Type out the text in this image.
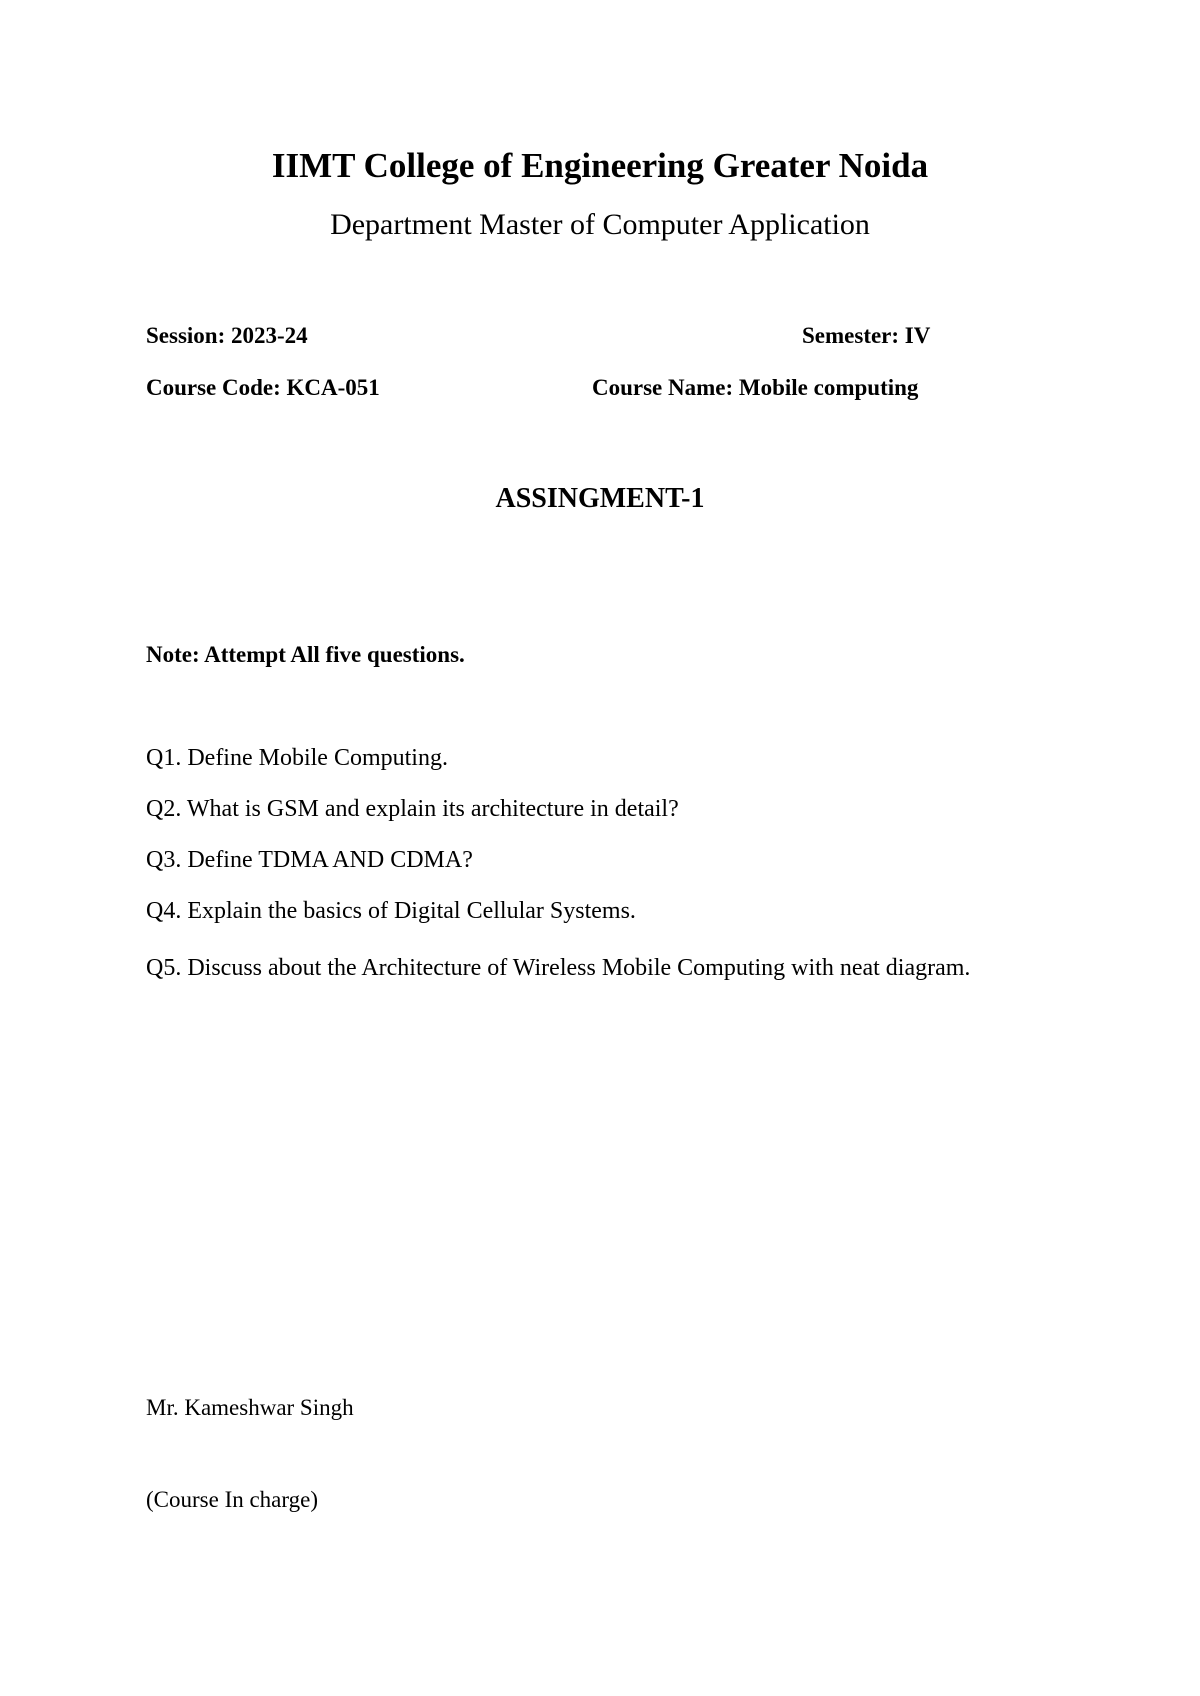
IIMT College of Engineering Greater Noida
Department Master of Computer Application
Session: 2023-24	Semester: IV
Course Code: KCA-051	Course Name: Mobile computing
ASSINGMENT-1
Note: Attempt All five questions.
Q1. Define Mobile Computing.
Q2. What is GSM and explain its architecture in detail?
Q3. Define TDMA AND CDMA?
Q4. Explain the basics of Digital Cellular Systems.
Q5. Discuss about the Architecture of Wireless Mobile Computing with neat diagram.
Mr. Kameshwar Singh
(Course In charge)
